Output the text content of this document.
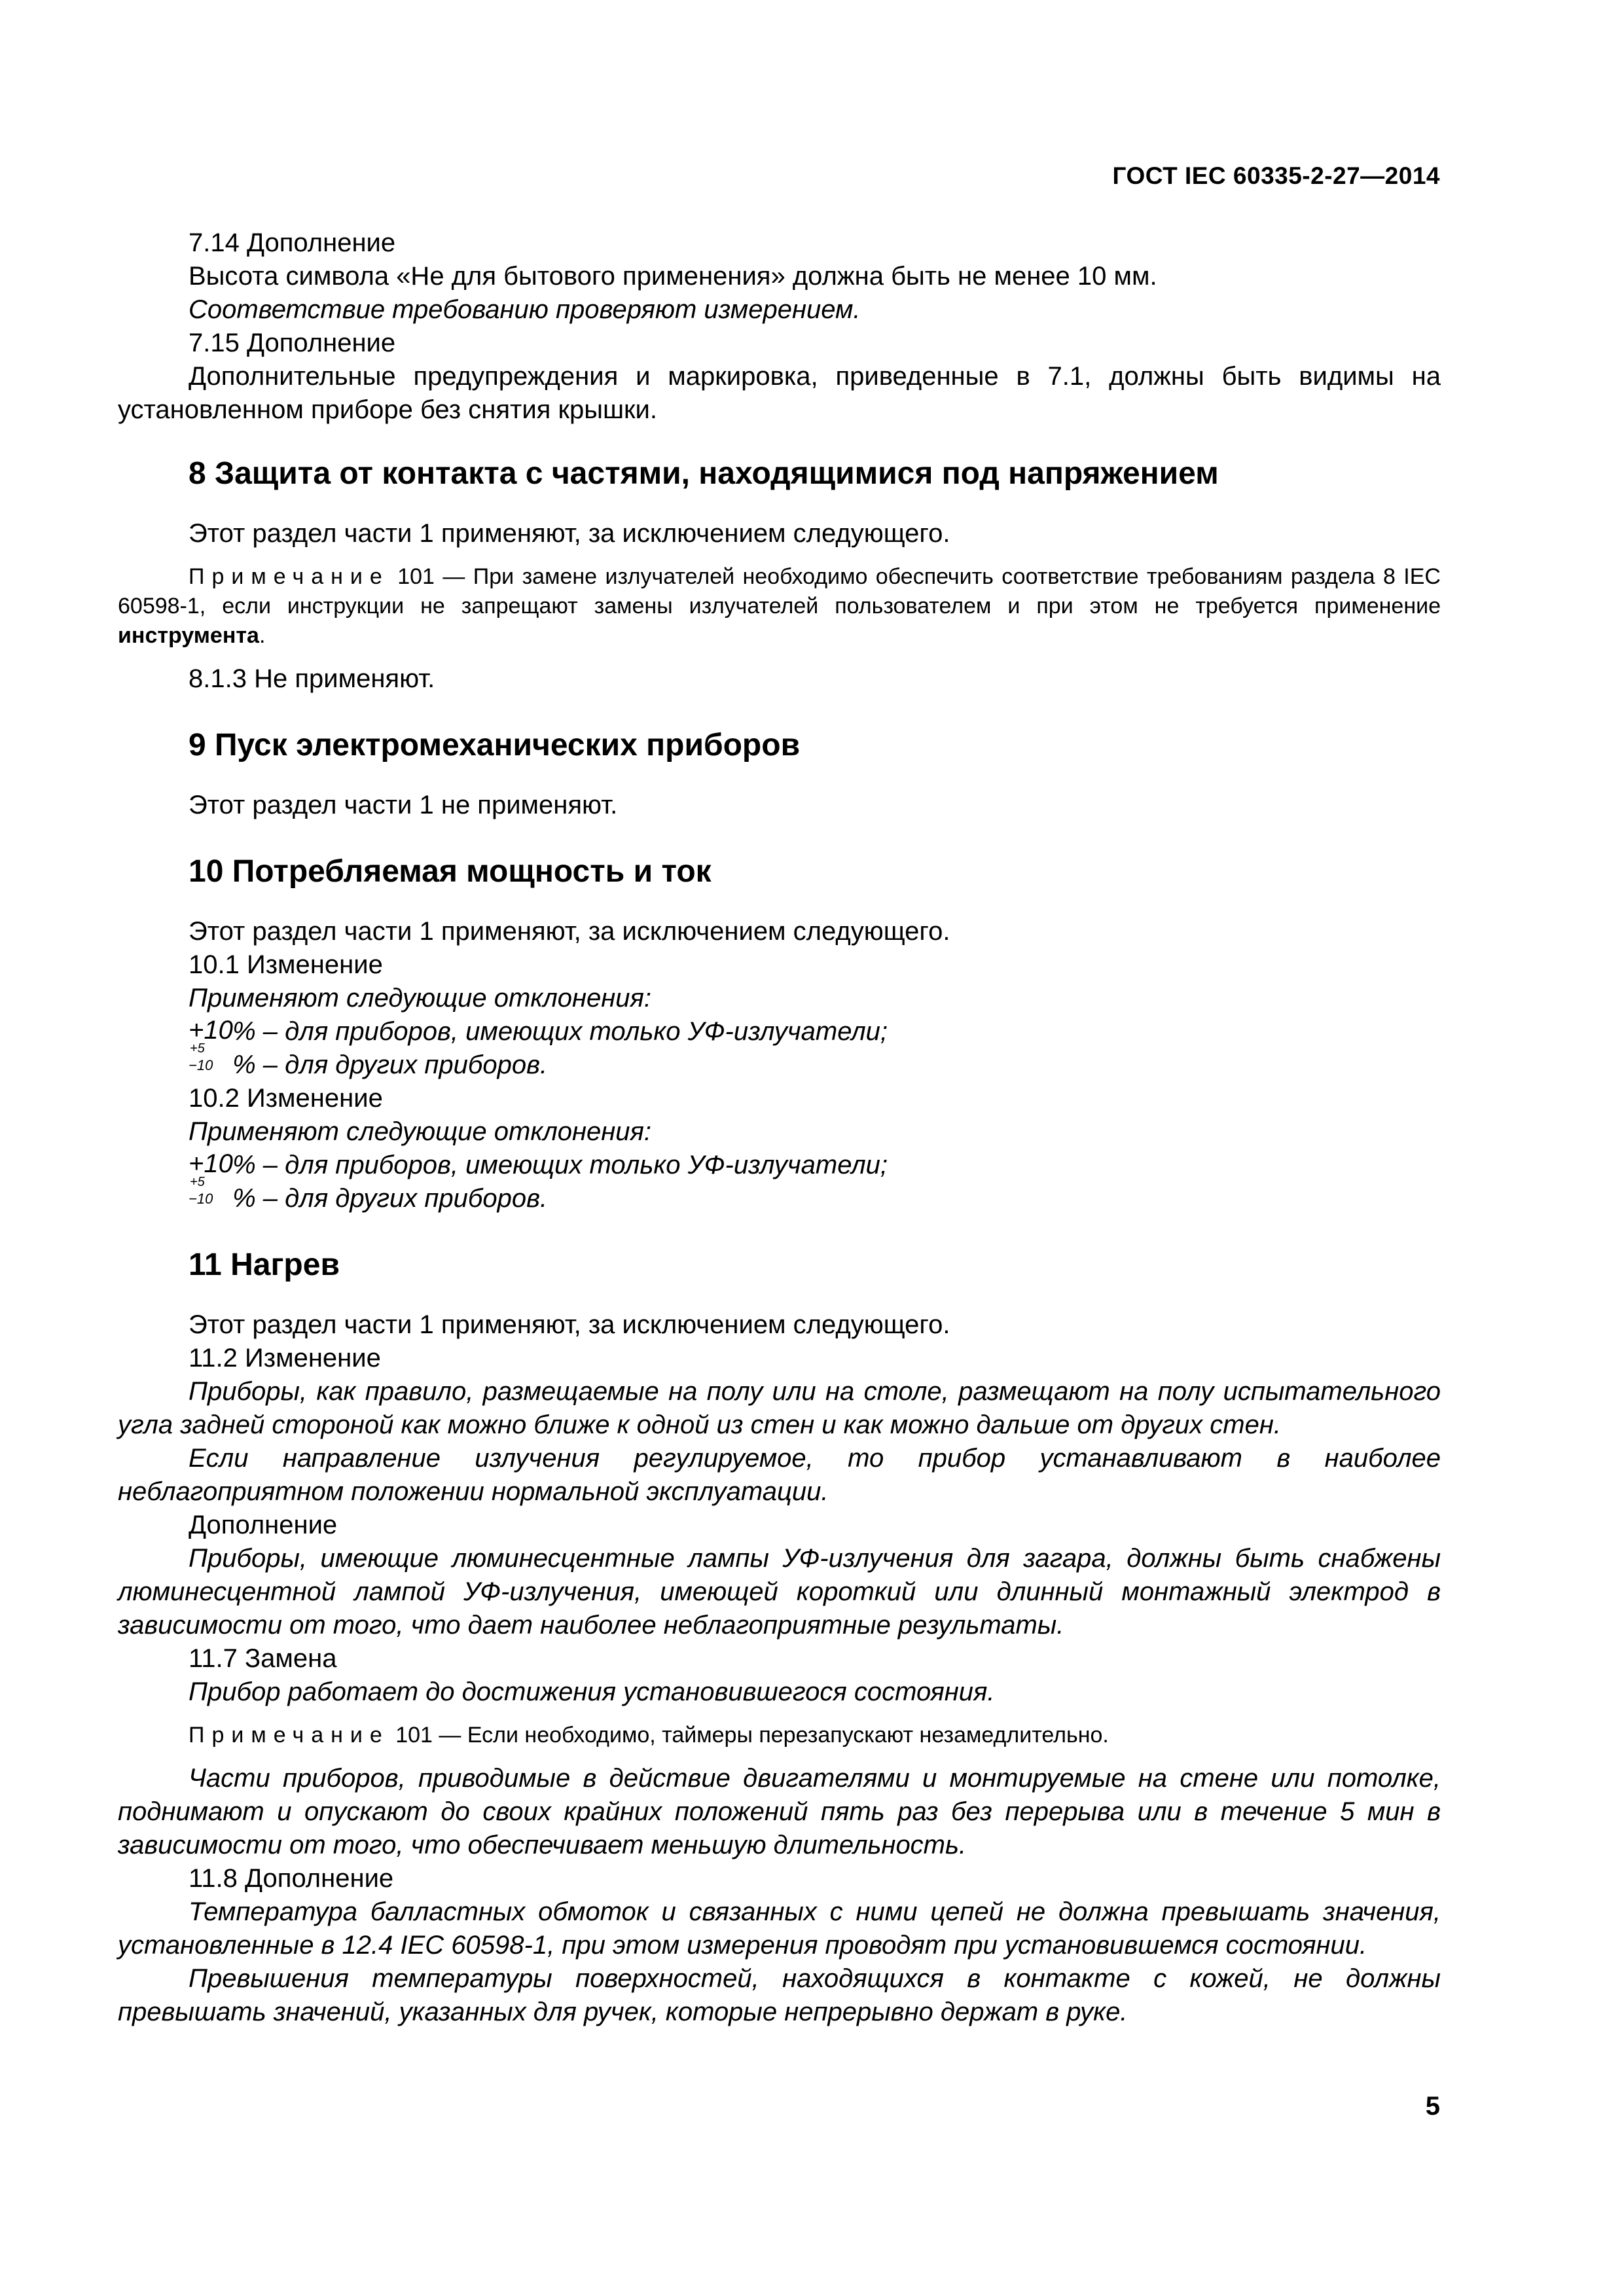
ГОСТ IEC 60335-2-27—2014

7.14 Дополнение

Высота символа «Не для бытового применения» должна быть не менее 10 мм.

Соответствие требованию проверяют измерением.

7.15 Дополнение

Дополнительные предупреждения и маркировка, приведенные в 7.1, должны быть видимы на установленном приборе без снятия крышки.

8 Защита от контакта с частями, находящимися под напряжением

Этот раздел части 1 применяют, за исключением следующего.

Примечание 101 — При замене излучателей необходимо обеспечить соответствие требованиям раздела 8 IEC 60598-1, если инструкции не запрещают замены излучателей пользователем и при этом не требуется применение инструмента.

8.1.3 Не применяют.

9 Пуск электромеханических приборов

Этот раздел части 1 не применяют.

10 Потребляемая мощность и ток

Этот раздел части 1 применяют, за исключением следующего.

10.1 Изменение

Применяют следующие отклонения:

+10
+5
% – для приборов, имеющих только УФ-излучатели;
−10 % – для других приборов.

10.2 Изменение

Применяют следующие отклонения:

+10
+5
% – для приборов, имеющих только УФ-излучатели;
−10 % – для других приборов.
11 Нагрев

Этот раздел части 1 применяют, за исключением следующего.

11.2 Изменение

Приборы, как правило, размещаемые на полу или на столе, размещают на полу испытательного угла задней стороной как можно ближе к одной из стен и как можно дальше от других стен.

Если направление излучения регулируемое, то прибор устанавливают в наиболее неблагоприятном положении нормальной эксплуатации.

Дополнение

Приборы, имеющие люминесцентные лампы УФ-излучения для загара, должны быть снабжены люминесцентной лампой УФ-излучения, имеющей короткий или длинный монтажный электрод в зависимости от того, что дает наиболее неблагоприятные результаты.

11.7 Замена

Прибор работает до достижения установившегося состояния.

Примечание 101 — Если необходимо, таймеры перезапускают незамедлительно.

Части приборов, приводимые в действие двигателями и монтируемые на стене или потолке, поднимают и опускают до своих крайних положений пять раз без перерыва или в течение 5 мин в зависимости от того, что обеспечивает меньшую длительность.

11.8 Дополнение

Температура балластных обмоток и связанных с ними цепей не должна превышать значения, установленные в 12.4 IEC 60598-1, при этом измерения проводят при установившемся состоянии.

Превышения температуры поверхностей, находящихся в контакте с кожей, не должны превышать значений, указанных для ручек, которые непрерывно держат в руке.

5
